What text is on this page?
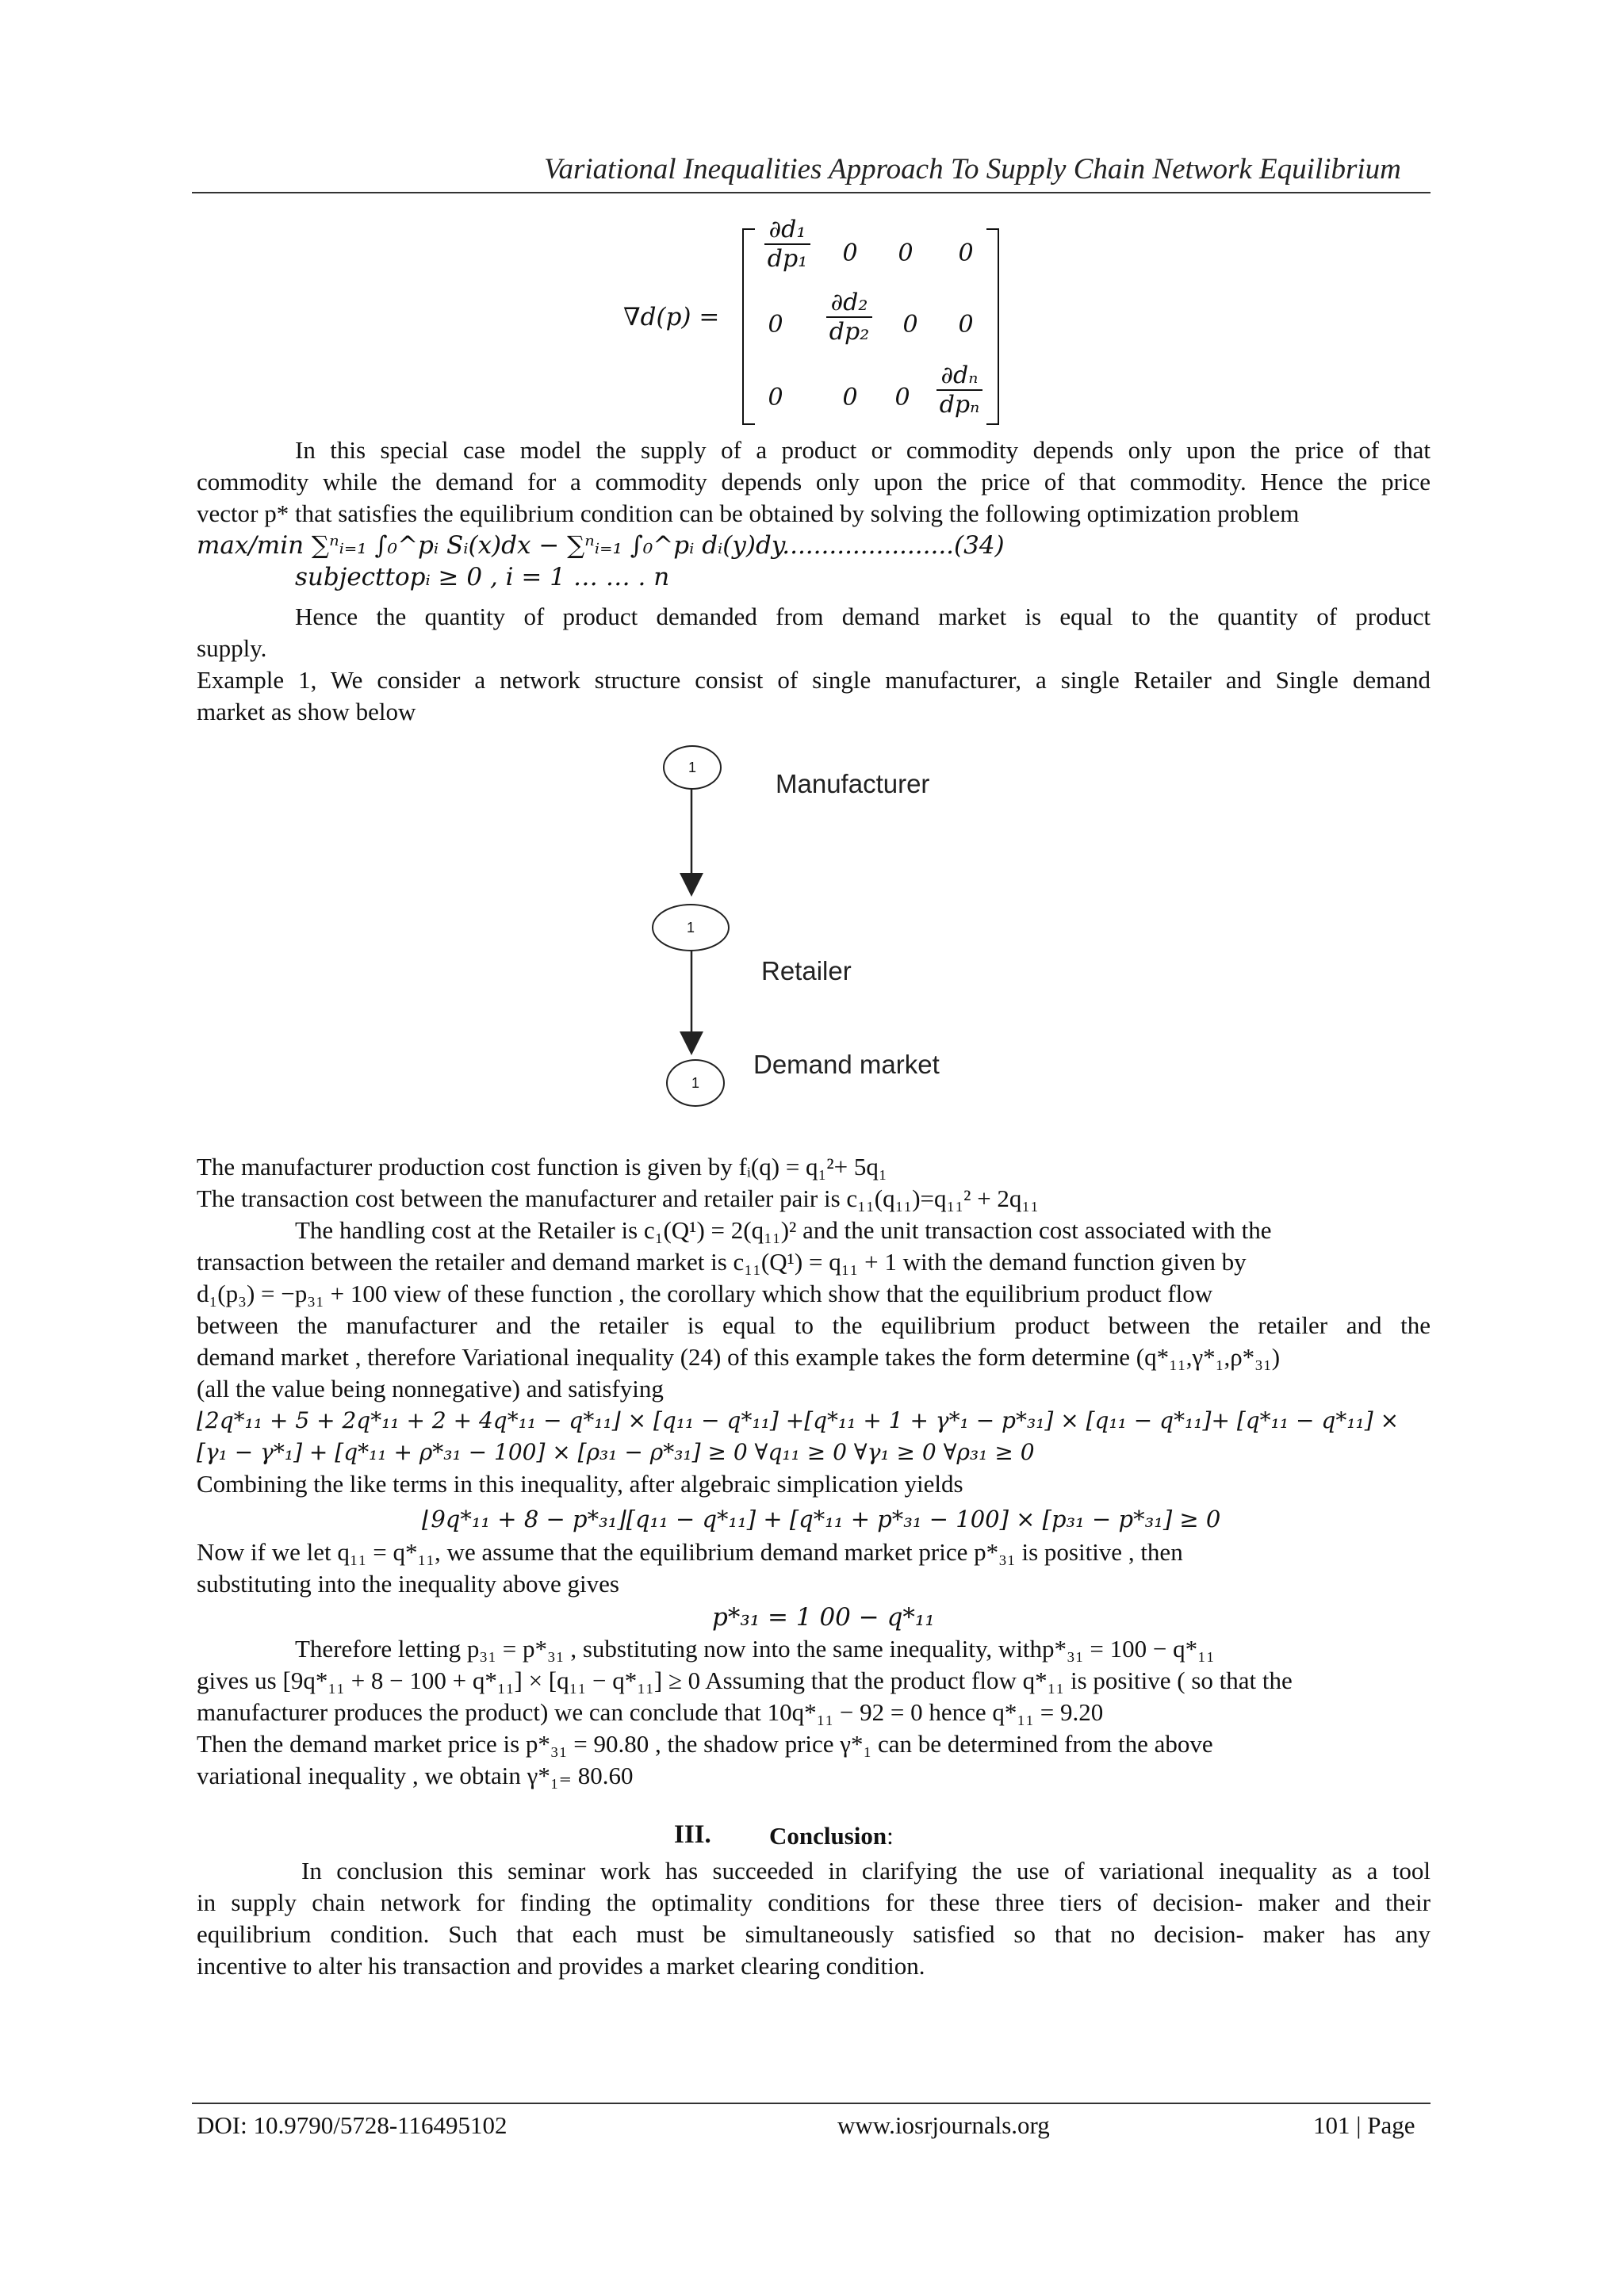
Variational Inequalities Approach To Supply Chain Network Equilibrium
∇d(p) =
$\frac{\text{∂d₁}}{\text{dp₁}}$	0	0	0
0	$\frac{\text{∂d₂}}{\text{dp₂}}$	0	0
0	0	0	$\frac{\text{∂dₙ}}{\text{dpₙ}}$
In this special case model the supply of a product or commodity depends only upon the price of that
commodity while the demand for a commodity depends only upon the price of that commodity. Hence the price
vector p* that satisfies the equilibrium condition can be obtained by solving the following optimization problem
max/min ∑ⁿᵢ₌₁ ∫₀^pᵢ Sᵢ(x)dx − ∑ⁿᵢ₌₁ ∫₀^pᵢ dᵢ(y)dy......................(34)
subjecttopᵢ ≥ 0 , i = 1 … … . n
Hence the quantity of product demanded from demand market is equal to the quantity of product
supply.
Example 1, We consider a network structure consist of single manufacturer, a single Retailer and Single demand
market as show below
1
1
1
Manufacturer
Retailer
Demand market
The manufacturer production cost function is given by fᵢ(q) = q₁²+ 5q₁
The transaction cost between the manufacturer and retailer pair is c₁₁(q₁₁)=q₁₁² + 2q₁₁
The handling cost at the Retailer is c₁(Q¹) = 2(q₁₁)² and the unit transaction cost associated with the
transaction between the retailer and demand market is c₁₁(Q¹) = q₁₁ + 1 with the demand function given by
d₁(p₃) = −p₃₁ + 100 view of these function , the corollary which show that the equilibrium product flow
between the manufacturer and the retailer is equal to the equilibrium product between the retailer and the
demand market , therefore Variational inequality (24) of this example takes the form determine (q*₁₁,γ*₁,ρ*₃₁)
(all the value being nonnegative) and satisfying
⌊2q*₁₁ + 5 + 2q*₁₁ + 2 + 4q*₁₁ − q*₁₁⌋ × [q₁₁ − q*₁₁] +[q*₁₁ + 1 + γ*₁ − p*₃₁] × [q₁₁ − q*₁₁]+ [q*₁₁ − q*₁₁] ×
[γ₁ − γ*₁] + [q*₁₁ + ρ*₃₁ − 100] × [ρ₃₁ − ρ*₃₁] ≥ 0 ∀q₁₁ ≥ 0 ∀γ₁ ≥ 0 ∀ρ₃₁ ≥ 0
Combining the like terms in this inequality, after algebraic simplication yields
⌊9q*₁₁ + 8 − p*₃₁⌋[q₁₁ − q*₁₁] + [q*₁₁ + p*₃₁ − 100] × [p₃₁ − p*₃₁] ≥ 0
Now if we let q₁₁ = q*₁₁, we assume that the equilibrium demand market price p*₃₁ is positive , then
substituting into the inequality above gives
p*₃₁ = 1 00 − q*₁₁
Therefore letting p₃₁ = p*₃₁ , substituting now into the same inequality, withp*₃₁ = 100 − q*₁₁
gives us [9q*₁₁ + 8 − 100 + q*₁₁] × [q₁₁ − q*₁₁] ≥ 0 Assuming that the product flow q*₁₁ is positive ( so that the
manufacturer produces the product) we can conclude that 10q*₁₁ − 92 = 0 hence q*₁₁ = 9.20
Then the demand market price is p*₃₁ = 90.80 , the shadow price γ*₁ can be determined from the above
variational inequality , we obtain γ*₁₌ 80.60
III. Conclusion:
In conclusion this seminar work has succeeded in clarifying the use of variational inequality as a tool
in supply chain network for finding the optimality conditions for these three tiers of decision- maker and their
equilibrium condition. Such that each must be simultaneously satisfied so that no decision- maker has any
incentive to alter his transaction and provides a market clearing condition.
DOI: 10.9790/5728-116495102	www.iosrjournals.org	101 | Page
